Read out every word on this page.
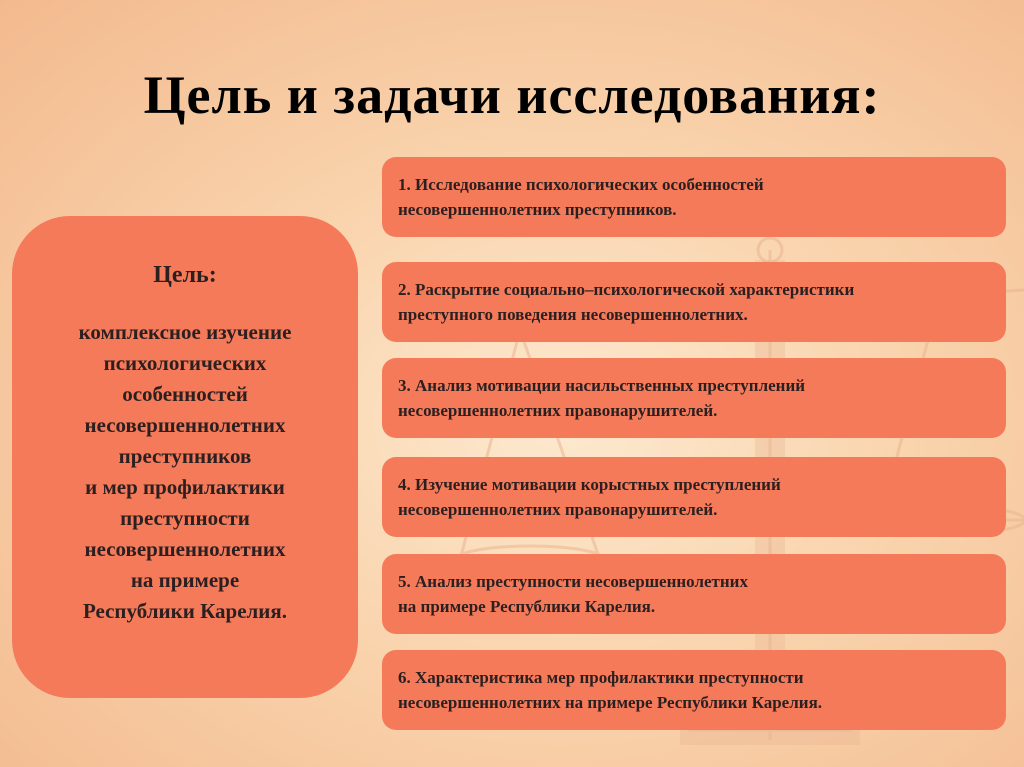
Цель и задачи исследования:

Цель:

комплексное изучение
психологических
особенностей
несовершеннолетних
преступников
и мер профилактики
преступности
несовершеннолетних
на примере
Республики Карелия.

1. Исследование психологических особенностей
несовершеннолетних преступников.
2. Раскрытие социально–психологической характеристики
преступного поведения несовершеннолетних.
3. Анализ мотивации насильственных преступлений
несовершеннолетних правонарушителей.
4. Изучение мотивации корыстных преступлений
несовершеннолетних правонарушителей.
5. Анализ преступности несовершеннолетних
на примере Республики Карелия.
6. Характеристика мер профилактики преступности
несовершеннолетних на примере Республики Карелия.
